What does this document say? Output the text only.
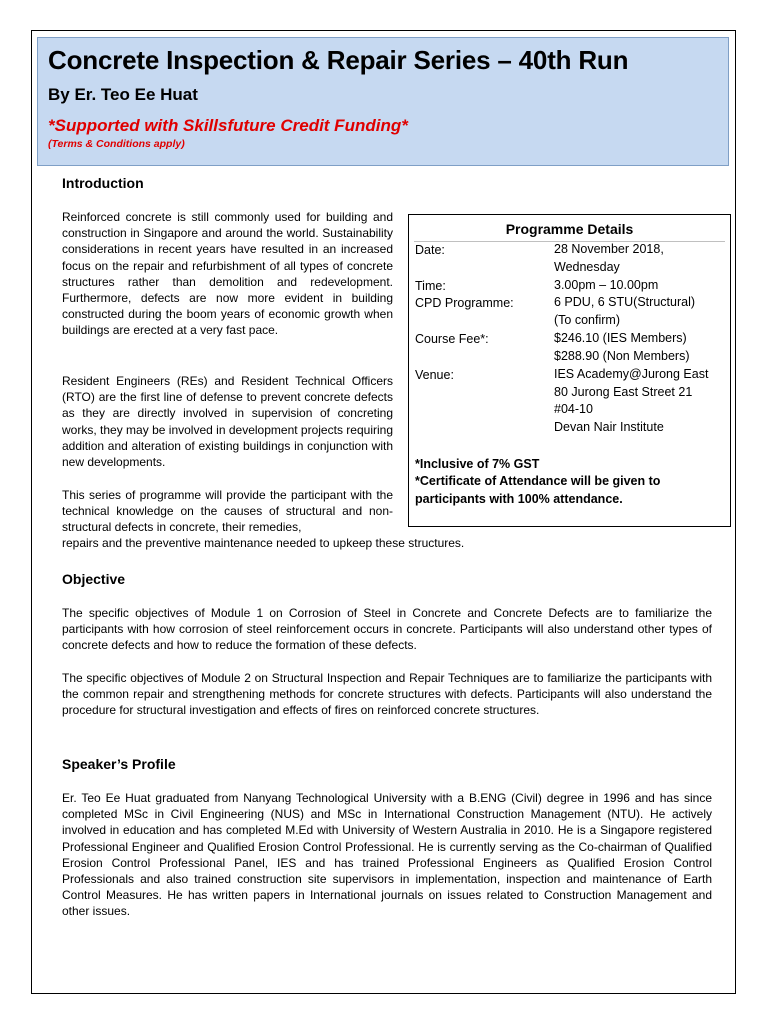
Concrete Inspection & Repair Series – 40th Run
By Er. Teo Ee Huat
*Supported with Skillsfuture Credit Funding*
(Terms & Conditions apply)
Introduction

Reinforced concrete is still commonly used for building and construction in Singapore and around the world. Sustainability considerations in recent years have resulted in an increased focus on the repair and refurbishment of all types of concrete structures rather than demolition and redevelopment. Furthermore, defects are now more evident in building constructed during the boom years of economic growth when buildings are erected at a very fast pace.

Resident Engineers (REs) and Resident Technical Officers (RTO) are the first line of defense to prevent concrete defects as they are directly involved in supervision of concreting works, they may be involved in development projects requiring addition and alteration of existing buildings in conjunction with new developments.

This series of programme will provide the participant with the technical knowledge on the causes of structural and non-structural defects in concrete, their remedies,

repairs and the preventive maintenance needed to upkeep these structures.
Programme Details
Date:	28 November 2018,
Wednesday
Time:	3.00pm – 10.00pm
CPD Programme:	6 PDU, 6 STU(Structural)
(To confirm)
Course Fee*:	$246.10 (IES Members)
$288.90 (Non Members)
Venue:	IES Academy@Jurong East
80 Jurong East Street 21
#04-10
Devan Nair Institute
*Inclusive of 7% GST
*Certificate of Attendance will be given to
participants with 100% attendance.
Objective

The specific objectives of Module 1 on Corrosion of Steel in Concrete and Concrete Defects are to familiarize the participants with how corrosion of steel reinforcement occurs in concrete. Participants will also understand other types of concrete defects and how to reduce the formation of these defects.

The specific objectives of Module 2 on Structural Inspection and Repair Techniques are to familiarize the participants with the common repair and strengthening methods for concrete structures with defects. Participants will also understand the procedure for structural investigation and effects of fires on reinforced concrete structures.

Speaker’s Profile

Er. Teo Ee Huat graduated from Nanyang Technological University with a B.ENG (Civil) degree in 1996 and has since completed MSc in Civil Engineering (NUS) and MSc in International Construction Management (NTU). He actively involved in education and has completed M.Ed with University of Western Australia in 2010. He is a Singapore registered Professional Engineer and Qualified Erosion Control Professional. He is currently serving as the Co-chairman of Qualified Erosion Control Professional Panel, IES and has trained Professional Engineers as Qualified Erosion Control Professionals and also trained construction site supervisors in implementation, inspection and maintenance of Earth Control Measures. He has written papers in International journals on issues related to Construction Management and other issues.
